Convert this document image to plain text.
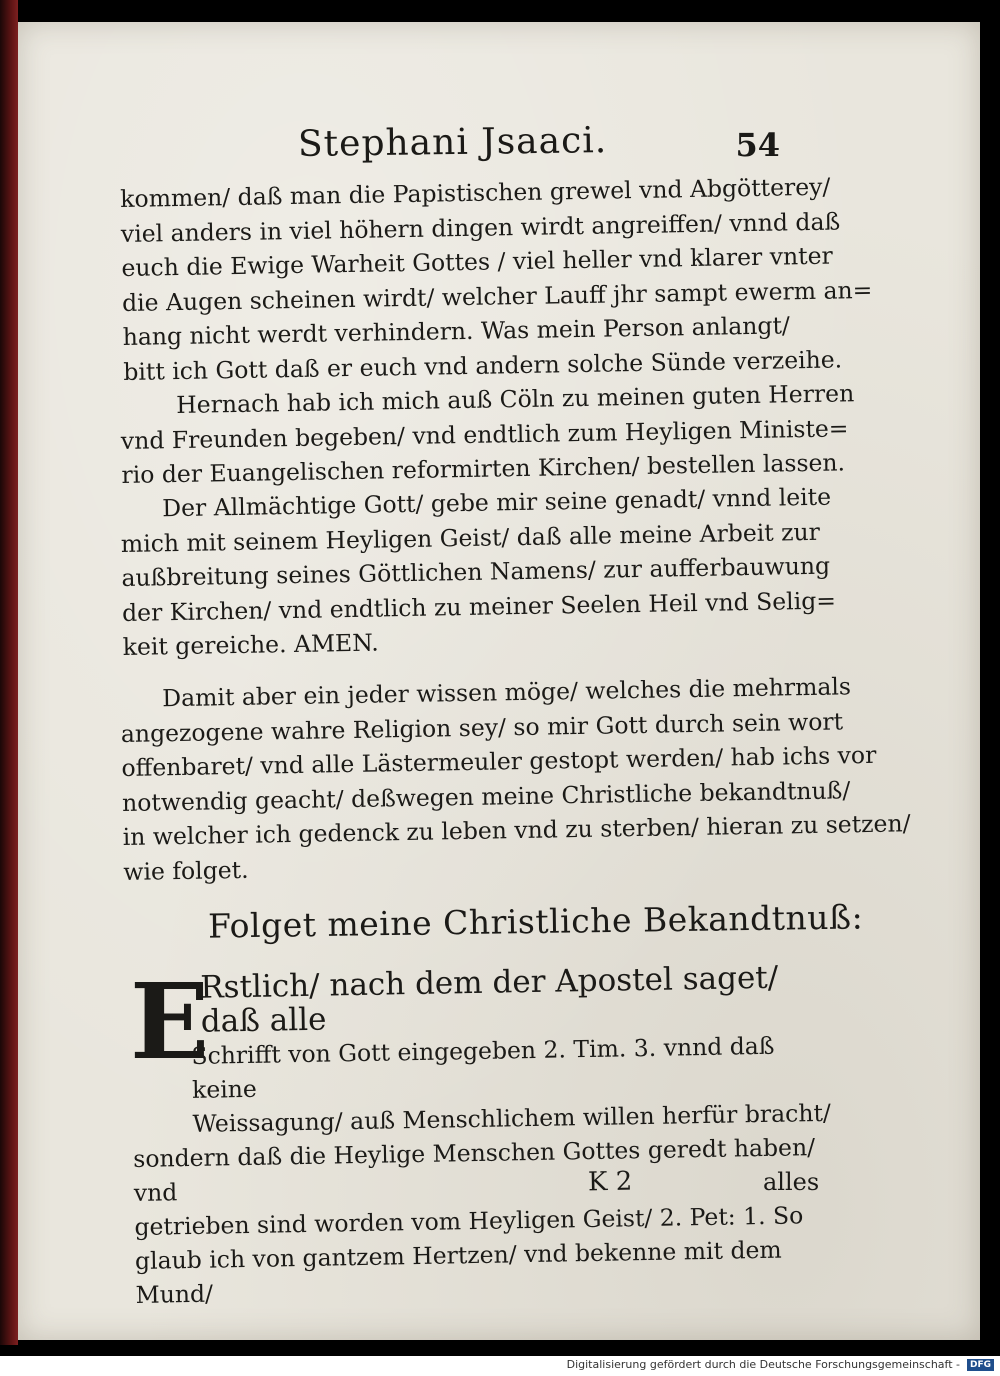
Stephani Jsaaci.	54
kommen/ daß man die Papistischen grewel vnd Abgötterey/
viel anders in viel höhern dingen wirdt angreiffen/ vnnd daß
euch die Ewige Warheit Gottes / viel heller vnd klarer vnter
die Augen scheinen wirdt/ welcher Lauff jhr sampt ewerm an=
hang nicht werdt verhindern. Was mein Person anlangt/
bitt ich Gott daß er euch vnd andern solche Sünde verzeihe.
Hernach hab ich mich auß Cöln zu meinen guten Herren
vnd Freunden begeben/ vnd endtlich zum Heyligen Ministe=
rio der Euangelischen reformirten Kirchen/ bestellen lassen.
Der Allmächtige Gott/ gebe mir seine genadt/ vnnd leite
mich mit seinem Heyligen Geist/ daß alle meine Arbeit zur
außbreitung seines Göttlichen Namens/ zur aufferbauwung
der Kirchen/ vnd endtlich zu meiner Seelen Heil vnd Selig=
keit gereiche. AMEN.
Damit aber ein jeder wissen möge/ welches die mehrmals
angezogene wahre Religion sey/ so mir Gott durch sein wort
offenbaret/ vnd alle Lästermeuler gestopt werden/ hab ichs vor
notwendig geacht/ deßwegen meine Christliche bekandtnuß/
in welcher ich gedenck zu leben vnd zu sterben/ hieran zu setzen/
wie folget.
Folget meine Christliche Bekandtnuß:
E
Rstlich/ nach dem der Apostel saget/ daß alle
Schrifft von Gott eingegeben 2. Tim. 3. vnnd daß keine
Weissagung/ auß Menschlichem willen herfür bracht/
sondern daß die Heylige Menschen Gottes geredt haben/ vnd
getrieben sind worden vom Heyligen Geist/ 2. Pet: 1. So
glaub ich von gantzem Hertzen/ vnd bekenne mit dem Mund/
K 2	alles
Digitalisierung gefördert durch die Deutsche Forschungsgemeinschaft -	DFG
